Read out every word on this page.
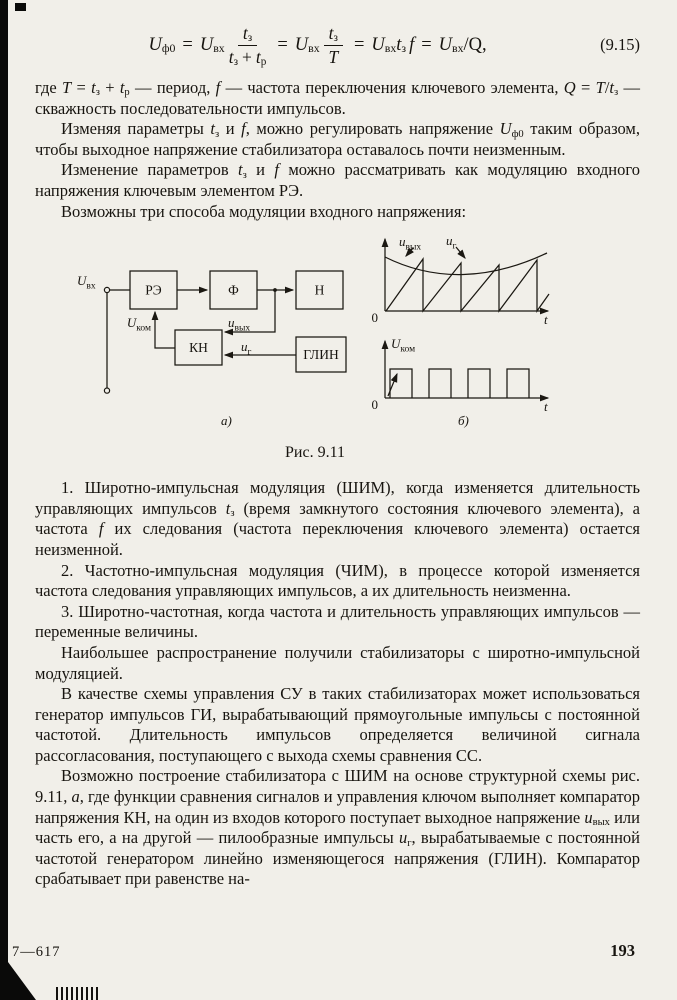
$U_{ф0} = U_{вх} \frac{t_з}{t_з + t_р} = U_{вх} \frac{t_з}{T} = U_{вх}t_з$ $f = U_{вх}/Q$,	(9.15)

где $T = t_з + t_р$ — период, f — частота переключения ключевого элемента, $Q = T/t_з$ — скважность последовательности импульсов.

Изменяя параметры $t_з$ и f, можно регулировать напряжение $U_{ф0}$ таким образом, чтобы выходное напряжение стабилизатора оставалось почти неизменным.

Изменение параметров $t_з$ и f можно рассматривать как модуляцию входного напряжения ключевым элементом РЭ.

Возможны три способа модуляции входного напряжения:

$U_{вх}$	РЭ	Ф	Н
$u_{вых}$
КН
$U_{ком}$
ГЛИН
$u_г$
а)
0	t
$u_{вых}$ $u_г$
0	t
$U_{ком}$
б)
Рис. 9.11

1. Широтно-импульсная модуляция (ШИМ), когда изменяется длительность управляющих импульсов $t_з$ (время замкнутого состояния ключевого элемента), а частота f их следования (частота переключения ключевого элемента) остается неизменной.

2. Частотно-импульсная модуляция (ЧИМ), в процессе которой изменяется частота следования управляющих импульсов, а их длительность неизменна.

3. Широтно-частотная, когда частота и длительность управляющих импульсов — переменные величины.

Наибольшее распространение получили стабилизаторы с широтно-импульсной модуляцией.

В качестве схемы управления СУ в таких стабилизаторах может использоваться генератор импульсов ГИ, вырабатывающий прямоугольные импульсы с постоянной частотой. Длительность импульсов определяется величиной сигнала рассогласования, поступающего с выхода схемы сравнения СС.

Возможно построение стабилизатора с ШИМ на основе структурной схемы рис. 9.11, а, где функции сравнения сигналов и управления ключом выполняет компаратор напряжения КН, на один из входов которого поступает выходное напряжение $u_{вых}$ или часть его, а на другой — пилообразные импульсы $u_г$, вырабатываемые с постоянной частотой генератором линейно изменяющегося напряжения (ГЛИН). Компаратор срабатывает при равенстве на-

7—617	193
